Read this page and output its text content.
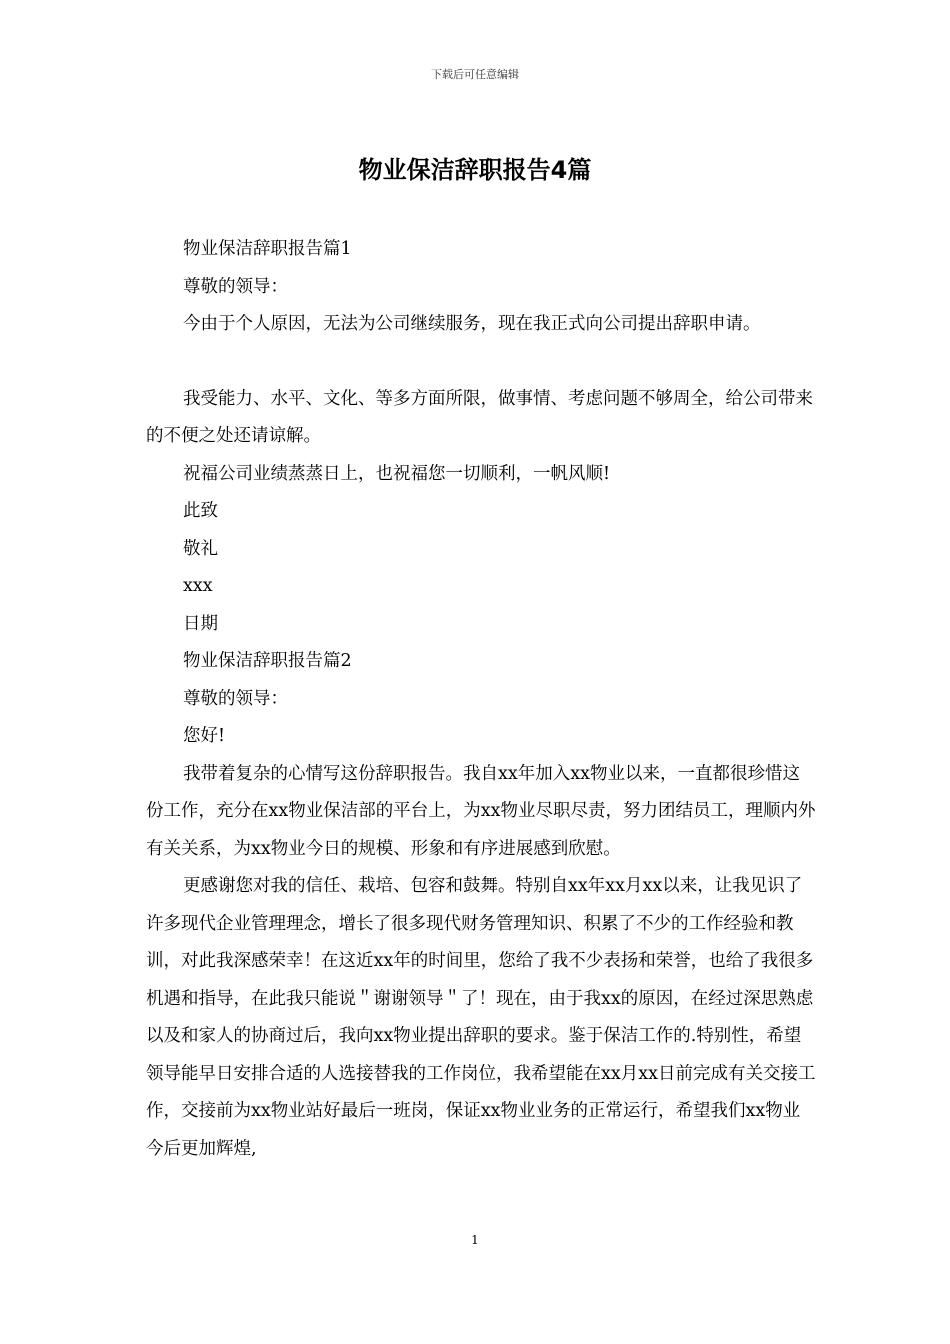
下载后可任意编辑
物业保洁辞职报告4篇

物业保洁辞职报告篇1

尊敬的领导：

今由于个人原因，无法为公司继续服务，现在我正式向公司提出辞职申请。

我受能力、水平、文化、等多方面所限，做事情、考虑问题不够周全，给公司带来的不便之处还请谅解。

祝福公司业绩蒸蒸日上，也祝福您一切顺利，一帆风顺!

此致

敬礼

xxx

日期

物业保洁辞职报告篇2

尊敬的领导：

您好!

我带着复杂的心情写这份辞职报告。我自xx年加入xx物业以来，一直都很珍惜这份工作，充分在xx物业保洁部的平台上，为xx物业尽职尽责，努力团结员工，理顺内外有关关系，为xx物业今日的规模、形象和有序进展感到欣慰。

更感谢您对我的信任、栽培、包容和鼓舞。特别自xx年xx月xx以来，让我见识了许多现代企业管理理念，增长了很多现代财务管理知识、积累了不少的工作经验和教训，对此我深感荣幸！在这近xx年的时间里，您给了我不少表扬和荣誉，也给了我很多机遇和指导，在此我只能说＂谢谢领导＂了！现在，由于我xx的原因，在经过深思熟虑以及和家人的协商过后，我向xx物业提出辞职的要求。鉴于保洁工作的.特别性，希望领导能早日安排合适的人选接替我的工作岗位，我希望能在xx月xx日前完成有关交接工作，交接前为xx物业站好最后一班岗，保证xx物业业务的正常运行，希望我们xx物业今后更加辉煌,

1
